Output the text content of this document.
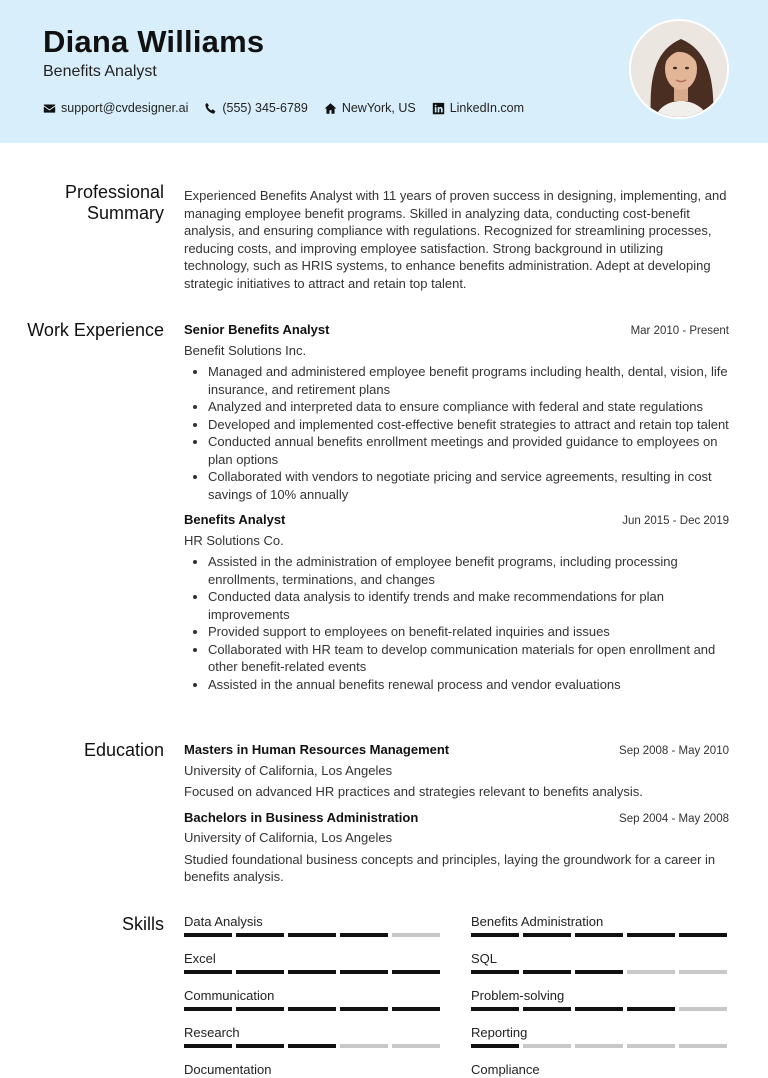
Diana Williams
Benefits Analyst
support@cvdesigner.ai	(555) 345-6789	NewYork, US	LinkedIn.com
Professional Summary
Experienced Benefits Analyst with 11 years of proven success in designing, implementing, and managing employee benefit programs. Skilled in analyzing data, conducting cost-benefit analysis, and ensuring compliance with regulations. Recognized for streamlining processes, reducing costs, and improving employee satisfaction. Strong background in utilizing technology, such as HRIS systems, to enhance benefits administration. Adept at developing strategic initiatives to attract and retain top talent.
Work Experience Senior Benefits Analyst	Mar 2010 - Present
Benefit Solutions Inc.
Managed and administered employee benefit programs including health, dental, vision, life insurance, and retirement plans
Analyzed and interpreted data to ensure compliance with federal and state regulations
Developed and implemented cost-effective benefit strategies to attract and retain top talent
Conducted annual benefits enrollment meetings and provided guidance to employees on plan options
Collaborated with vendors to negotiate pricing and service agreements, resulting in cost savings of 10% annually
Benefits Analyst	Jun 2015 - Dec 2019
HR Solutions Co.
Assisted in the administration of employee benefit programs, including processing enrollments, terminations, and changes
Conducted data analysis to identify trends and make recommendations for plan improvements
Provided support to employees on benefit-related inquiries and issues
Collaborated with HR team to develop communication materials for open enrollment and other benefit-related events
Assisted in the annual benefits renewal process and vendor evaluations
Education Masters in Human Resources Management	Sep 2008 - May 2010
University of California, Los Angeles
Focused on advanced HR practices and strategies relevant to benefits analysis.
Bachelors in Business Administration	Sep 2004 - May 2008
University of California, Los Angeles
Studied foundational business concepts and principles, laying the groundwork for a career in benefits analysis.
Skills Data Analysis	Benefits Administration
Excel	SQL
Communication	Problem-solving
Research	Reporting
Documentation	Compliance
